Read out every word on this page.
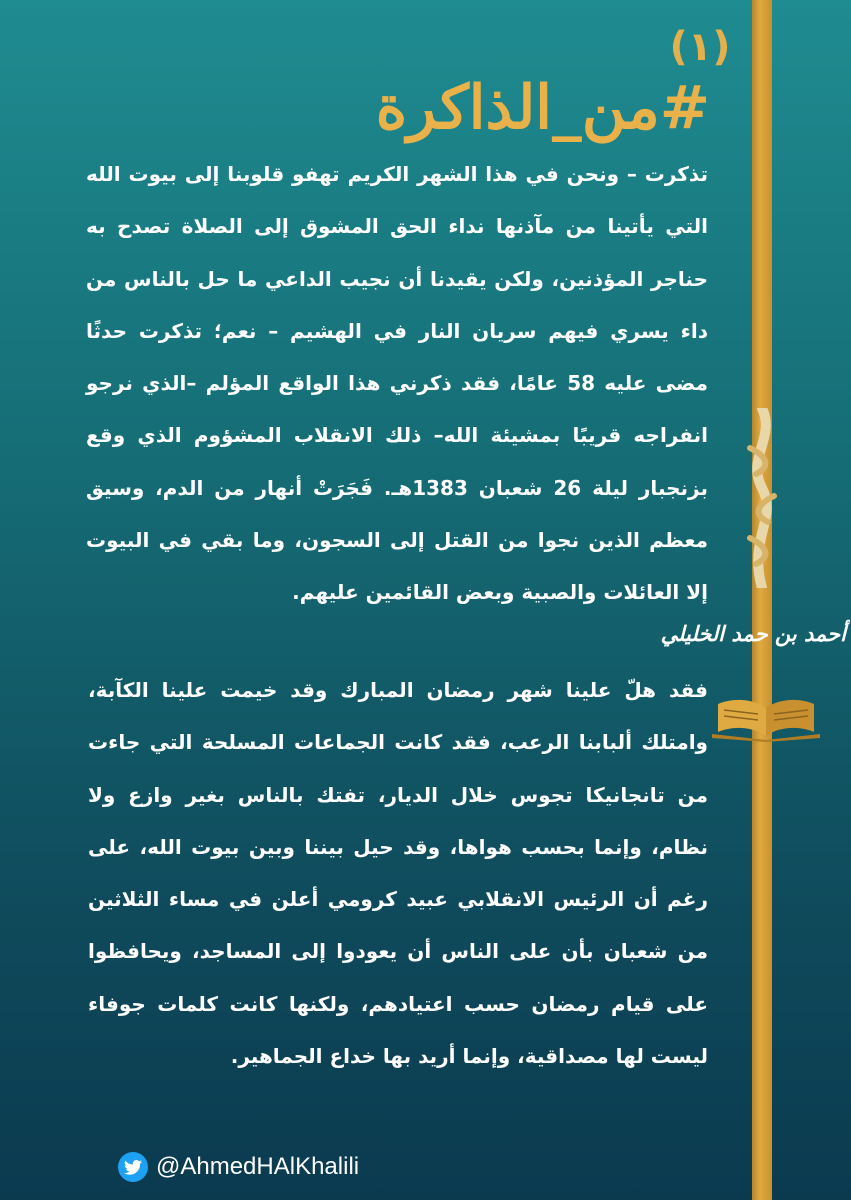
(١)
#من_الذاكرة

تذكرت – ونحن في هذا الشهر الكريم تهفو قلوبنا إلى بيوت الله التي يأتينا من مآذنها نداء الحق المشوق إلى الصلاة تصدح به حناجر المؤذنين، ولكن يقيدنا أن نجيب الداعي ما حل بالناس من داء يسري فيهم سريان النار في الهشيم – نعم؛ تذكرت حدثًا مضى عليه 58 عامًا، فقد ذكرني هذا الواقع المؤلم –الذي نرجو انفراجه قريبًا بمشيئة الله– ذلك الانقلاب المشؤوم الذي وقع بزنجبار ليلة 26 شعبان 1383هـ. فَجَرَتْ أنهار من الدم، وسيق معظم الذين نجوا من القتل إلى السجون، وما بقي في البيوت إلا العائلات والصبية وبعض القائمين عليهم.

أحمد بن حمد الخليلي

فقد هلّ علينا شهر رمضان المبارك وقد خيمت علينا الكآبة، وامتلك ألبابنا الرعب، فقد كانت الجماعات المسلحة التي جاءت من تانجانيكا تجوس خلال الديار، تفتك بالناس بغير وازع ولا نظام، وإنما بحسب هواها، وقد حيل بيننا وبين بيوت الله، على رغم أن الرئيس الانقلابي عبيد كرومي أعلن في مساء الثلاثين من شعبان بأن على الناس أن يعودوا إلى المساجد، ويحافظوا على قيام رمضان حسب اعتيادهم، ولكنها كانت كلمات جوفاء ليست لها مصداقية، وإنما أريد بها خداع الجماهير.

@AhmedHAlKhalili
